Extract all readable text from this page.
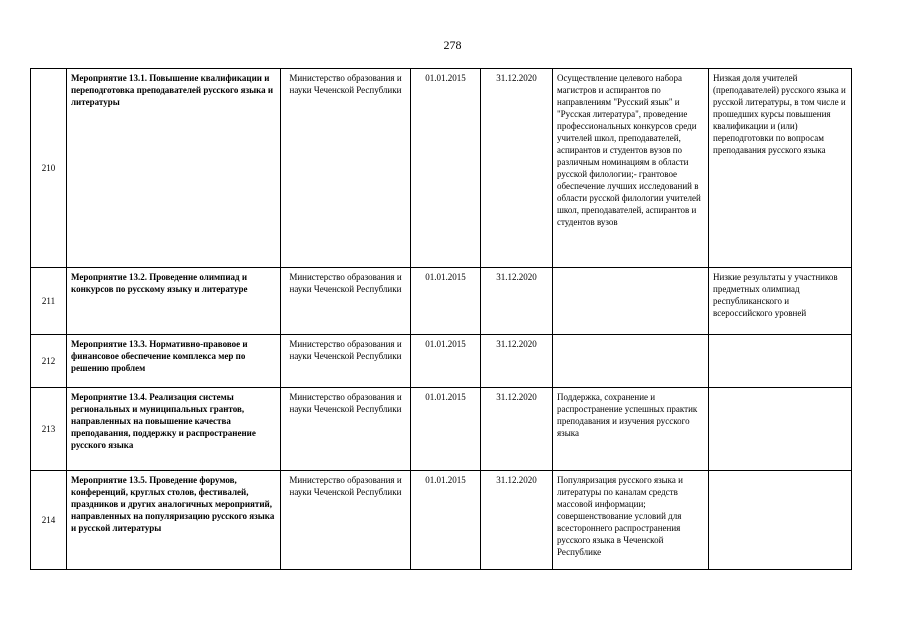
278
210	Мероприятие 13.1. Повышение квалификации и переподготовка преподавателей русского языка и литературы	Министерство образования и науки Чеченской Республики	01.01.2015	31.12.2020	Осуществление целевого набора магистров и аспирантов по направлениям "Русский язык" и "Русская литература", проведение профессиональных конкурсов среди учителей школ, преподавателей, аспирантов и студентов вузов по различным номинациям в области русской филологии;- грантовое обеспечение лучших исследований в области русской филологии учителей школ, преподавателей, аспирантов и студентов вузов	Низкая доля учителей (преподавателей) русского языка и русской литературы, в том числе и прошедших курсы повышения квалификации и (или) переподготовки по вопросам преподавания русского языка
211	Мероприятие 13.2. Проведение олимпиад и конкурсов по русскому языку и литературе	Министерство образования и науки Чеченской Республики	01.01.2015	31.12.2020		Низкие результаты у участников предметных олимпиад республиканского и всероссийского уровней
212	Мероприятие 13.3. Нормативно-правовое и финансовое обеспечение комплекса мер по решению проблем	Министерство образования и науки Чеченской Республики	01.01.2015	31.12.2020		
213	Мероприятие 13.4. Реализация системы региональных и муниципальных грантов, направленных на повышение качества преподавания, поддержку и распространение русского языка	Министерство образования и науки Чеченской Республики	01.01.2015	31.12.2020	Поддержка, сохранение и распространение успешных практик преподавания и изучения русского языка	
214	Мероприятие 13.5. Проведение форумов, конференций, круглых столов, фестивалей, праздников и других аналогичных мероприятий, направленных на популяризацию русского языка и русской литературы	Министерство образования и науки Чеченской Республики	01.01.2015	31.12.2020	Популяризация русского языка и литературы по каналам средств массовой информации; совершенствование условий для всестороннего распространения русского языка в Чеченской Республике	
